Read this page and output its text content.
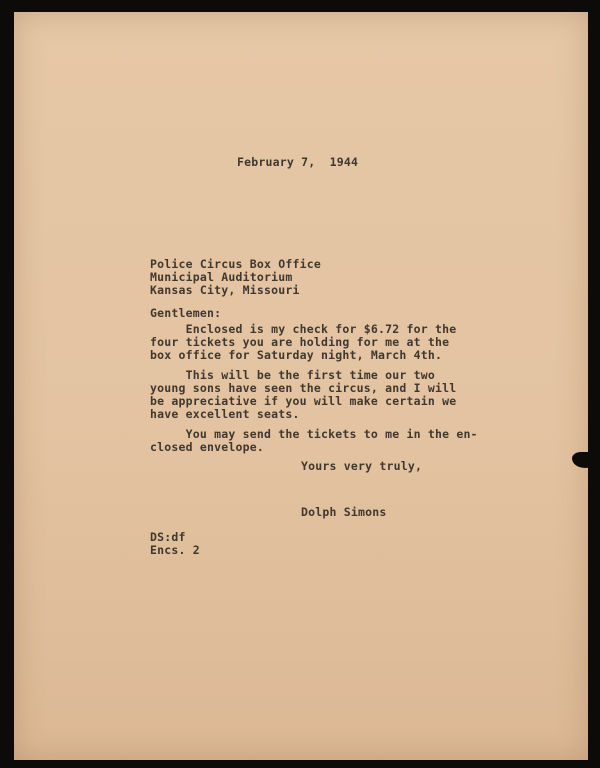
February 7,  1944
Police Circus Box Office
Municipal Auditorium
Kansas City, Missouri
Gentlemen:
Enclosed is my check for $6.72 for the
four tickets you are holding for me at the
box office for Saturday night, March 4th.
This will be the first time our two
young sons have seen the circus, and I will
be appreciative if you will make certain we
have excellent seats.
You may send the tickets to me in the en-
closed envelope.
Yours very truly,
Dolph Simons
DS:df
Encs. 2
